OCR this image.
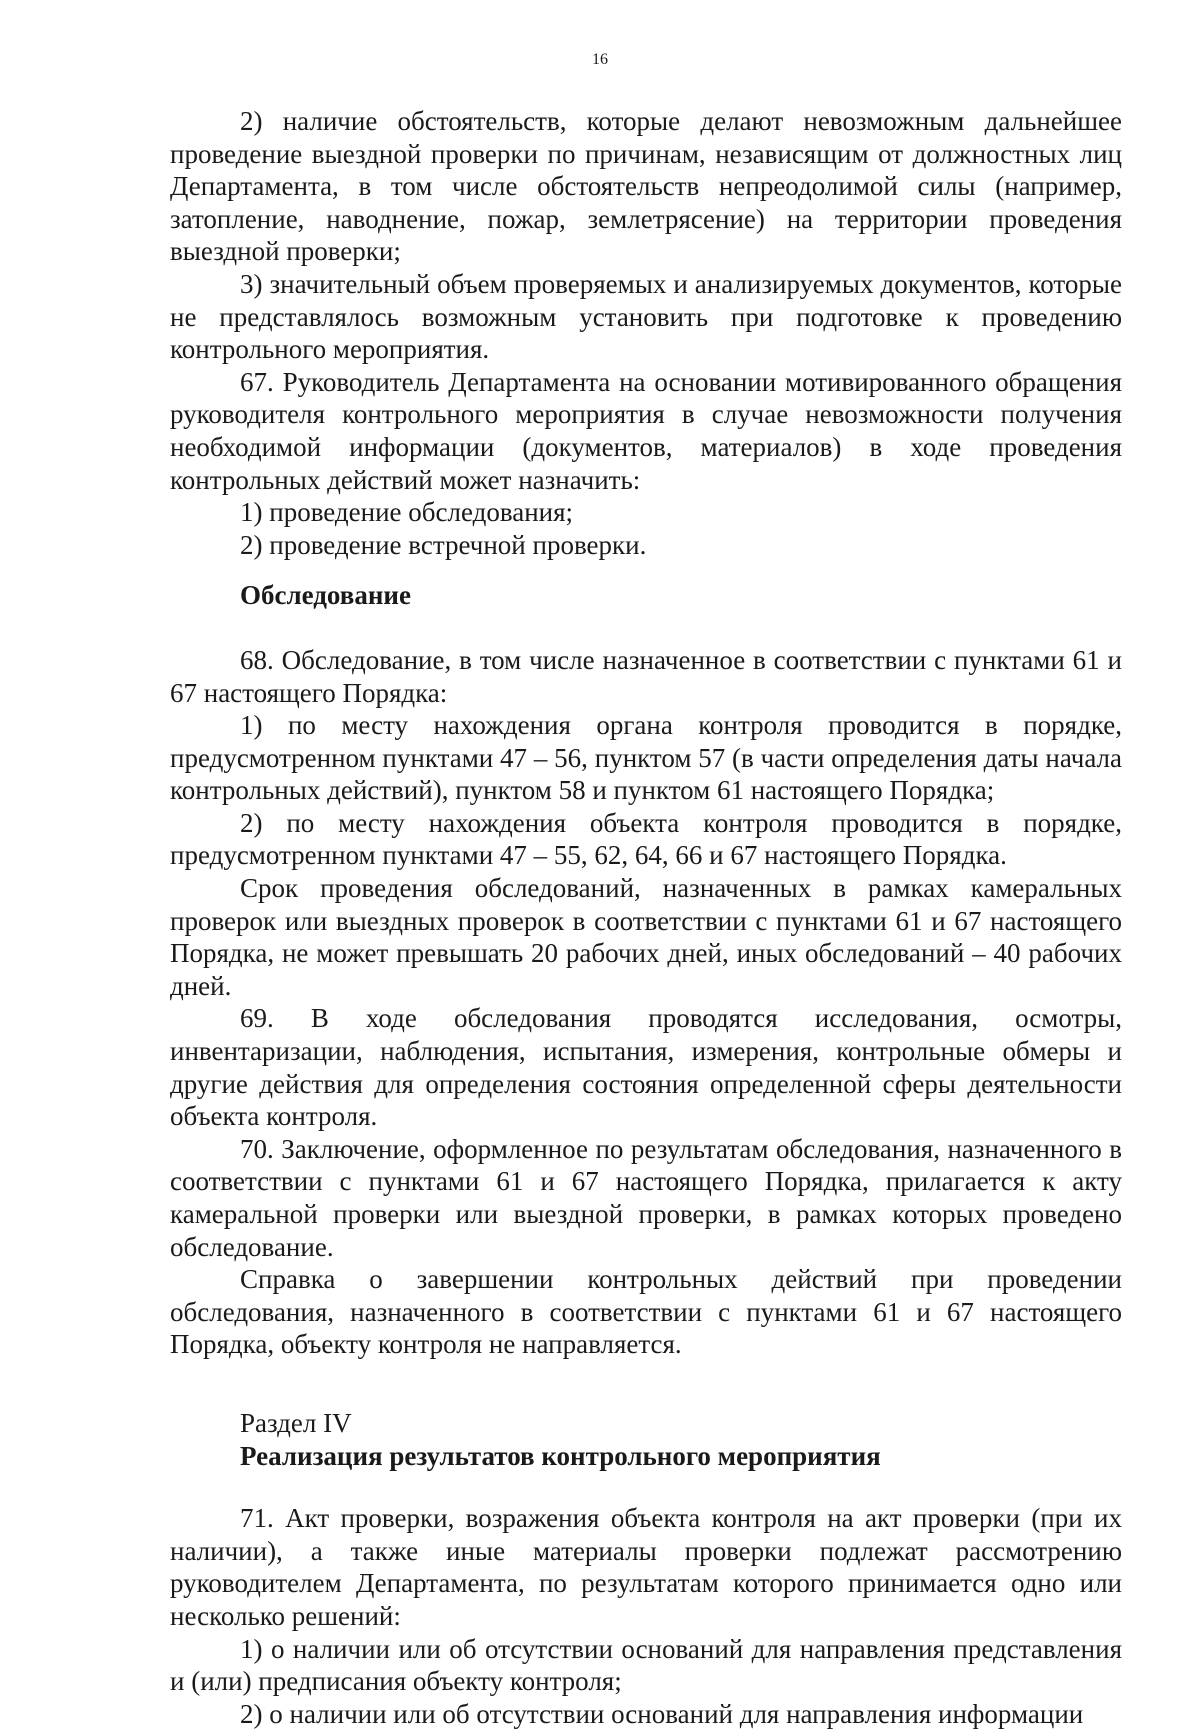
16

2) наличие обстоятельств, которые делают невозможным дальнейшее проведение выездной проверки по причинам, независящим от должностных лиц Департамента, в том числе обстоятельств непреодолимой силы (например, затопление, наводнение, пожар, землетрясение) на территории проведения выездной проверки;

3) значительный объем проверяемых и анализируемых документов, которые не представлялось возможным установить при подготовке к проведению контрольного мероприятия.

67. Руководитель Департамента на основании мотивированного обращения руководителя контрольного мероприятия в случае невозможности получения необходимой информации (документов, материалов) в ходе проведения контрольных действий может назначить:

1) проведение обследования;

2) проведение встречной проверки.

Обследование

68. Обследование, в том числе назначенное в соответствии с пунктами 61 и 67 настоящего Порядка:

1) по месту нахождения органа контроля проводится в порядке, предусмотренном пунктами 47 – 56, пунктом 57 (в части определения даты начала контрольных действий), пунктом 58 и пунктом 61 настоящего Порядка;

2) по месту нахождения объекта контроля проводится в порядке, предусмотренном пунктами 47 – 55, 62, 64, 66 и 67 настоящего Порядка.

Срок проведения обследований, назначенных в рамках камеральных проверок или выездных проверок в соответствии с пунктами 61 и 67 настоящего Порядка, не может превышать 20 рабочих дней, иных обследований – 40 рабочих дней.

69. В ходе обследования проводятся исследования, осмотры, инвентаризации, наблюдения, испытания, измерения, контрольные обмеры и другие действия для определения состояния определенной сферы деятельности объекта контроля.

70. Заключение, оформленное по результатам обследования, назначенного в соответствии с пунктами 61 и 67 настоящего Порядка, прилагается к акту камеральной проверки или выездной проверки, в рамках которых проведено обследование.

Справка о завершении контрольных действий при проведении обследования, назначенного в соответствии с пунктами 61 и 67 настоящего Порядка, объекту контроля не направляется.

Раздел IV

Реализация результатов контрольного мероприятия

71. Акт проверки, возражения объекта контроля на акт проверки (при их наличии), а также иные материалы проверки подлежат рассмотрению руководителем Департамента, по результатам которого принимается одно или несколько решений:

1) о наличии или об отсутствии оснований для направления представления и (или) предписания объекту контроля;

2) о наличии или об отсутствии оснований для направления информации
